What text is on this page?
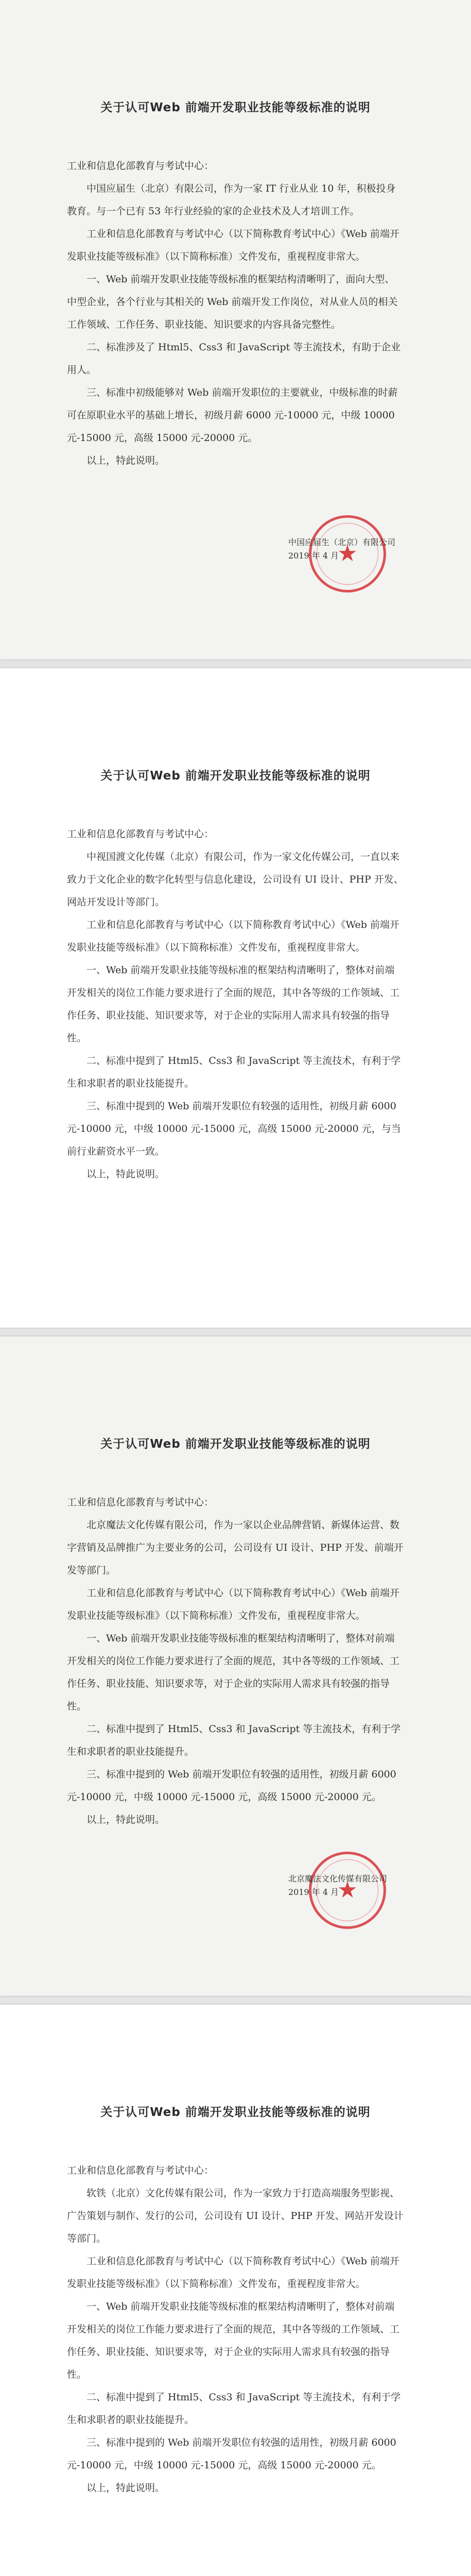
关于认可Web 前端开发职业技能等级标准的说明

工业和信息化部教育与考试中心：

中国应届生（北京）有限公司，作为一家 IT 行业从业 10 年，积极投身教育。与一个已有 53 年行业经验的家的企业技术及人才培训工作。

工业和信息化部教育与考试中心（以下简称教育考试中心）《Web 前端开发职业技能等级标准》（以下简称标准）文件发布，重视程度非常大。

一、Web 前端开发职业技能等级标准的框架结构清晰明了，面向大型、中型企业，各个行业与其相关的 Web 前端开发工作岗位，对从业人员的相关工作领域、工作任务、职业技能、知识要求的内容具备完整性。

二、标准涉及了 Html5、Css3 和 JavaScript 等主流技术，有助于企业用人。

三、标准中初级能够对 Web 前端开发职位的主要就业，中级标准的时薪可在原职业水平的基础上增长，初级月薪 6000 元-10000 元，中级 10000 元-15000 元，高级 15000 元-20000 元。

以上，特此说明。

★
中国应届生（北京）有限公司
2019 年 4 月
关于认可Web 前端开发职业技能等级标准的说明

工业和信息化部教育与考试中心：

中视国渡文化传媒（北京）有限公司，作为一家文化传媒公司，一直以来致力于文化企业的数字化转型与信息化建设，公司设有 UI 设计、PHP 开发、网站开发设计等部门。

工业和信息化部教育与考试中心（以下简称教育考试中心）《Web 前端开发职业技能等级标准》（以下简称标准）文件发布，重视程度非常大。

一、Web 前端开发职业技能等级标准的框架结构清晰明了，整体对前端开发相关的岗位工作能力要求进行了全面的规范，其中各等级的工作领域、工作任务、职业技能、知识要求等，对于企业的实际用人需求具有较强的指导性。

二、标准中提到了 Html5、Css3 和 JavaScript 等主流技术，有利于学生和求职者的职业技能提升。

三、标准中提到的 Web 前端开发职位有较强的适用性，初级月薪 6000 元-10000 元，中级 10000 元-15000 元，高级 15000 元-20000 元，与当前行业薪资水平一致。

以上，特此说明。

关于认可Web 前端开发职业技能等级标准的说明

工业和信息化部教育与考试中心：

北京魔法文化传媒有限公司，作为一家以企业品牌营销、新媒体运营、数字营销及品牌推广为主要业务的公司，公司设有 UI 设计、PHP 开发、前端开发等部门。

工业和信息化部教育与考试中心（以下简称教育考试中心）《Web 前端开发职业技能等级标准》（以下简称标准）文件发布，重视程度非常大。

一、Web 前端开发职业技能等级标准的框架结构清晰明了，整体对前端开发相关的岗位工作能力要求进行了全面的规范，其中各等级的工作领域、工作任务、职业技能、知识要求等，对于企业的实际用人需求具有较强的指导性。

二、标准中提到了 Html5、Css3 和 JavaScript 等主流技术，有利于学生和求职者的职业技能提升。

三、标准中提到的 Web 前端开发职位有较强的适用性，初级月薪 6000 元-10000 元，中级 10000 元-15000 元，高级 15000 元-20000 元。

以上，特此说明。

★
北京魔法文化传媒有限公司
2019 年 4 月
关于认可Web 前端开发职业技能等级标准的说明

工业和信息化部教育与考试中心：

软铁（北京）文化传媒有限公司，作为一家致力于打造高端服务型影视、广告策划与制作、发行的公司，公司设有 UI 设计、PHP 开发、网站开发设计等部门。

工业和信息化部教育与考试中心（以下简称教育考试中心）《Web 前端开发职业技能等级标准》（以下简称标准）文件发布，重视程度非常大。

一、Web 前端开发职业技能等级标准的框架结构清晰明了，整体对前端开发相关的岗位工作能力要求进行了全面的规范，其中各等级的工作领域、工作任务、职业技能、知识要求等，对于企业的实际用人需求具有较强的指导性。

二、标准中提到了 Html5、Css3 和 JavaScript 等主流技术，有利于学生和求职者的职业技能提升。

三、标准中提到的 Web 前端开发职位有较强的适用性，初级月薪 6000 元-10000 元，中级 10000 元-15000 元，高级 15000 元-20000 元。

以上，特此说明。
